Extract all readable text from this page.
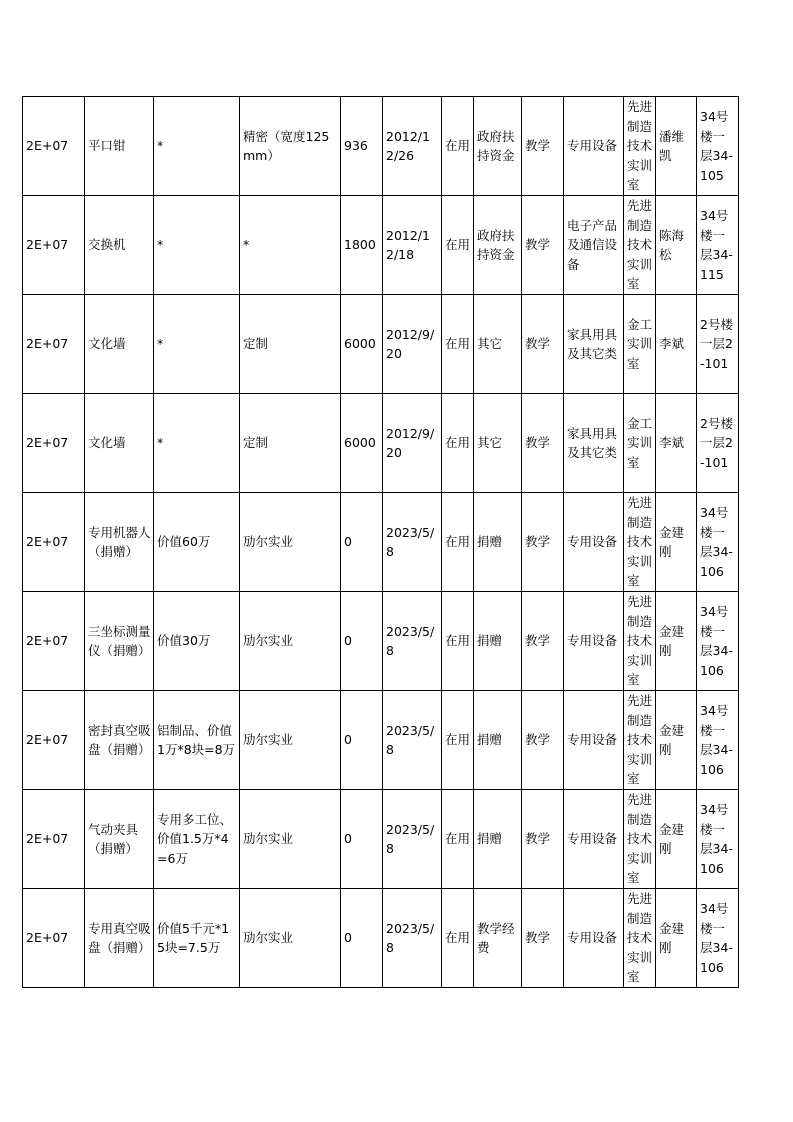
2E+07	平口钳	*	精密（宽度125mm）	936	2012/12/26	在用	政府扶持资金	教学	专用设备	先进制造技术实训室	潘维凯	34号楼一层34-105
2E+07	交换机	*	*	1800	2012/12/18	在用	政府扶持资金	教学	电子产品及通信设备	先进制造技术实训室	陈海松	34号楼一层34-115
2E+07	文化墙	*	定制	6000	2012/9/20	在用	其它	教学	家具用具及其它类	金工实训室	李斌	2号楼一层2-101
2E+07	文化墙	*	定制	6000	2012/9/20	在用	其它	教学	家具用具及其它类	金工实训室	李斌	2号楼一层2-101
2E+07	专用机器人（捐赠）	价值60万	劢尔实业	0	2023/5/8	在用	捐赠	教学	专用设备	先进制造技术实训室	金建刚	34号楼一层34-106
2E+07	三坐标测量仪（捐赠）	价值30万	劢尔实业	0	2023/5/8	在用	捐赠	教学	专用设备	先进制造技术实训室	金建刚	34号楼一层34-106
2E+07	密封真空吸盘（捐赠）	铝制品、价值1万*8块=8万	劢尔实业	0	2023/5/8	在用	捐赠	教学	专用设备	先进制造技术实训室	金建刚	34号楼一层34-106
2E+07	气动夹具（捐赠）	专用多工位、价值1.5万*4=6万	劢尔实业	0	2023/5/8	在用	捐赠	教学	专用设备	先进制造技术实训室	金建刚	34号楼一层34-106
2E+07	专用真空吸盘（捐赠）	价值5千元*15块=7.5万	劢尔实业	0	2023/5/8	在用	教学经费	教学	专用设备	先进制造技术实训室	金建刚	34号楼一层34-106
